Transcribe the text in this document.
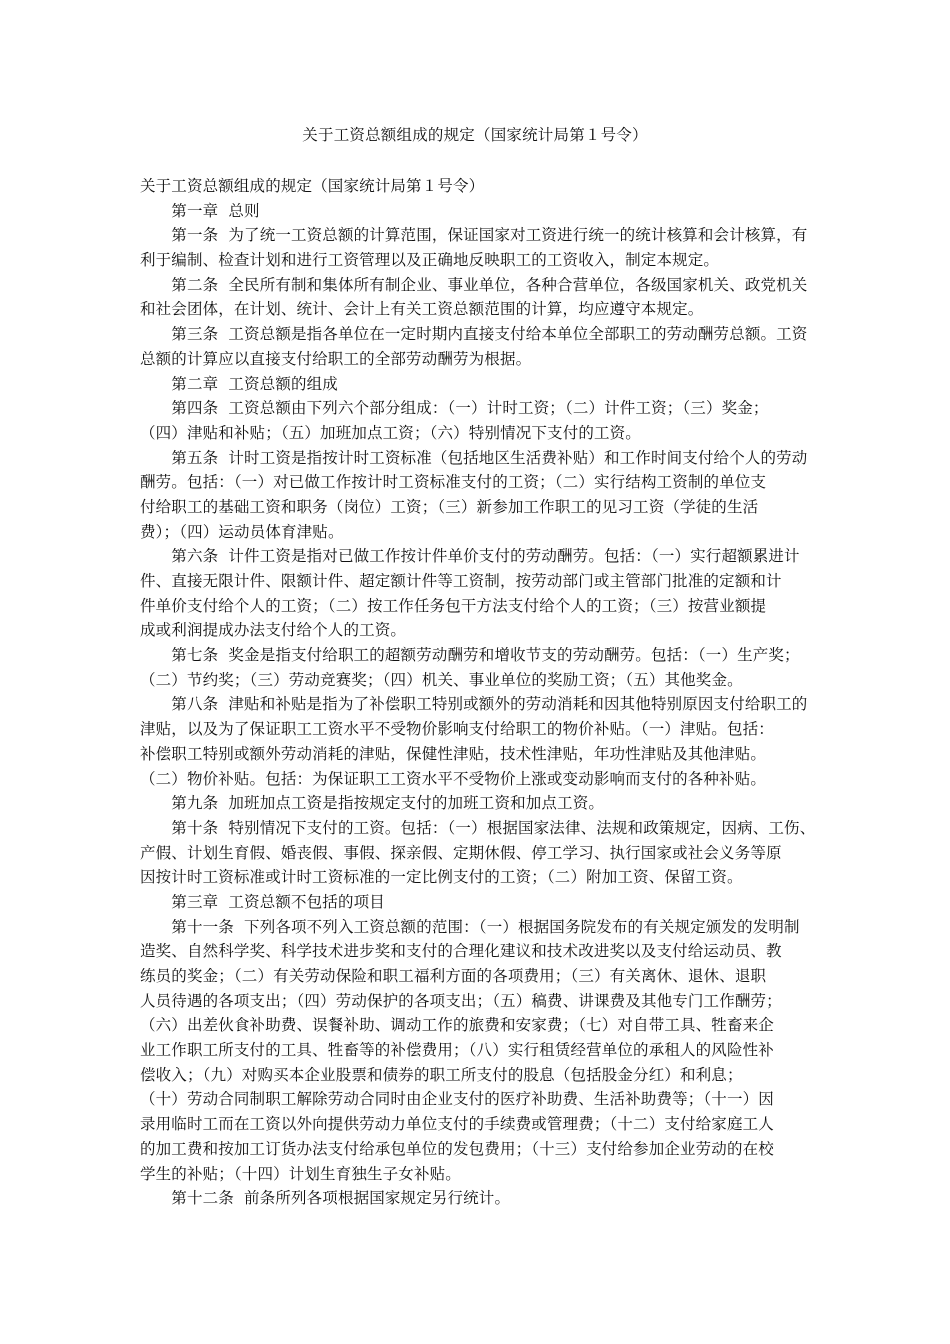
关于工资总额组成的规定（国家统计局第１号令）
关于工资总额组成的规定（国家统计局第１号令）
　　第一章  总则
　　第一条  为了统一工资总额的计算范围，保证国家对工资进行统一的统计核算和会计核算，有
利于编制、检查计划和进行工资管理以及正确地反映职工的工资收入，制定本规定。
　　第二条  全民所有制和集体所有制企业、事业单位，各种合营单位，各级国家机关、政党机关
和社会团体，在计划、统计、会计上有关工资总额范围的计算，均应遵守本规定。
　　第三条  工资总额是指各单位在一定时期内直接支付给本单位全部职工的劳动酬劳总额。工资
总额的计算应以直接支付给职工的全部劳动酬劳为根据。
　　第二章  工资总额的组成
　　第四条  工资总额由下列六个部分组成：（一）计时工资；（二）计件工资；（三）奖金；
（四）津贴和补贴；（五）加班加点工资；（六）特别情况下支付的工资。
　　第五条  计时工资是指按计时工资标准（包括地区生活费补贴）和工作时间支付给个人的劳动
酬劳。包括：（一）对已做工作按计时工资标准支付的工资；（二）实行结构工资制的单位支
付给职工的基础工资和职务（岗位）工资；（三）新参加工作职工的见习工资（学徒的生活
费）；（四）运动员体育津贴。
　　第六条  计件工资是指对已做工作按计件单价支付的劳动酬劳。包括：（一）实行超额累进计
件、直接无限计件、限额计件、超定额计件等工资制，按劳动部门或主管部门批准的定额和计
件单价支付给个人的工资；（二）按工作任务包干方法支付给个人的工资；（三）按营业额提
成或利润提成办法支付给个人的工资。
　　第七条  奖金是指支付给职工的超额劳动酬劳和增收节支的劳动酬劳。包括：（一）生产奖；
（二）节约奖；（三）劳动竞赛奖；（四）机关、事业单位的奖励工资；（五）其他奖金。
　　第八条  津贴和补贴是指为了补偿职工特别或额外的劳动消耗和因其他特别原因支付给职工的
津贴，以及为了保证职工工资水平不受物价影响支付给职工的物价补贴。（一）津贴。包括：
补偿职工特别或额外劳动消耗的津贴，保健性津贴，技术性津贴，年功性津贴及其他津贴。
（二）物价补贴。包括：为保证职工工资水平不受物价上涨或变动影响而支付的各种补贴。
　　第九条  加班加点工资是指按规定支付的加班工资和加点工资。
　　第十条  特别情况下支付的工资。包括：（一）根据国家法律、法规和政策规定，因病、工伤、
产假、计划生育假、婚丧假、事假、探亲假、定期休假、停工学习、执行国家或社会义务等原
因按计时工资标准或计时工资标准的一定比例支付的工资；（二）附加工资、保留工资。
　　第三章  工资总额不包括的项目
　　第十一条  下列各项不列入工资总额的范围：（一）根据国务院发布的有关规定颁发的发明制
造奖、自然科学奖、科学技术进步奖和支付的合理化建议和技术改进奖以及支付给运动员、教
练员的奖金；（二）有关劳动保险和职工福利方面的各项费用；（三）有关离休、退休、退职
人员待遇的各项支出；（四）劳动保护的各项支出；（五）稿费、讲课费及其他专门工作酬劳；
（六）出差伙食补助费、误餐补助、调动工作的旅费和安家费；（七）对自带工具、牲畜来企
业工作职工所支付的工具、牲畜等的补偿费用；（八）实行租赁经营单位的承租人的风险性补
偿收入；（九）对购买本企业股票和债券的职工所支付的股息（包括股金分红）和利息；
（十）劳动合同制职工解除劳动合同时由企业支付的医疗补助费、生活补助费等；（十一）因
录用临时工而在工资以外向提供劳动力单位支付的手续费或管理费；（十二）支付给家庭工人
的加工费和按加工订货办法支付给承包单位的发包费用；（十三）支付给参加企业劳动的在校
学生的补贴；（十四）计划生育独生子女补贴。
　　第十二条  前条所列各项根据国家规定另行统计。
